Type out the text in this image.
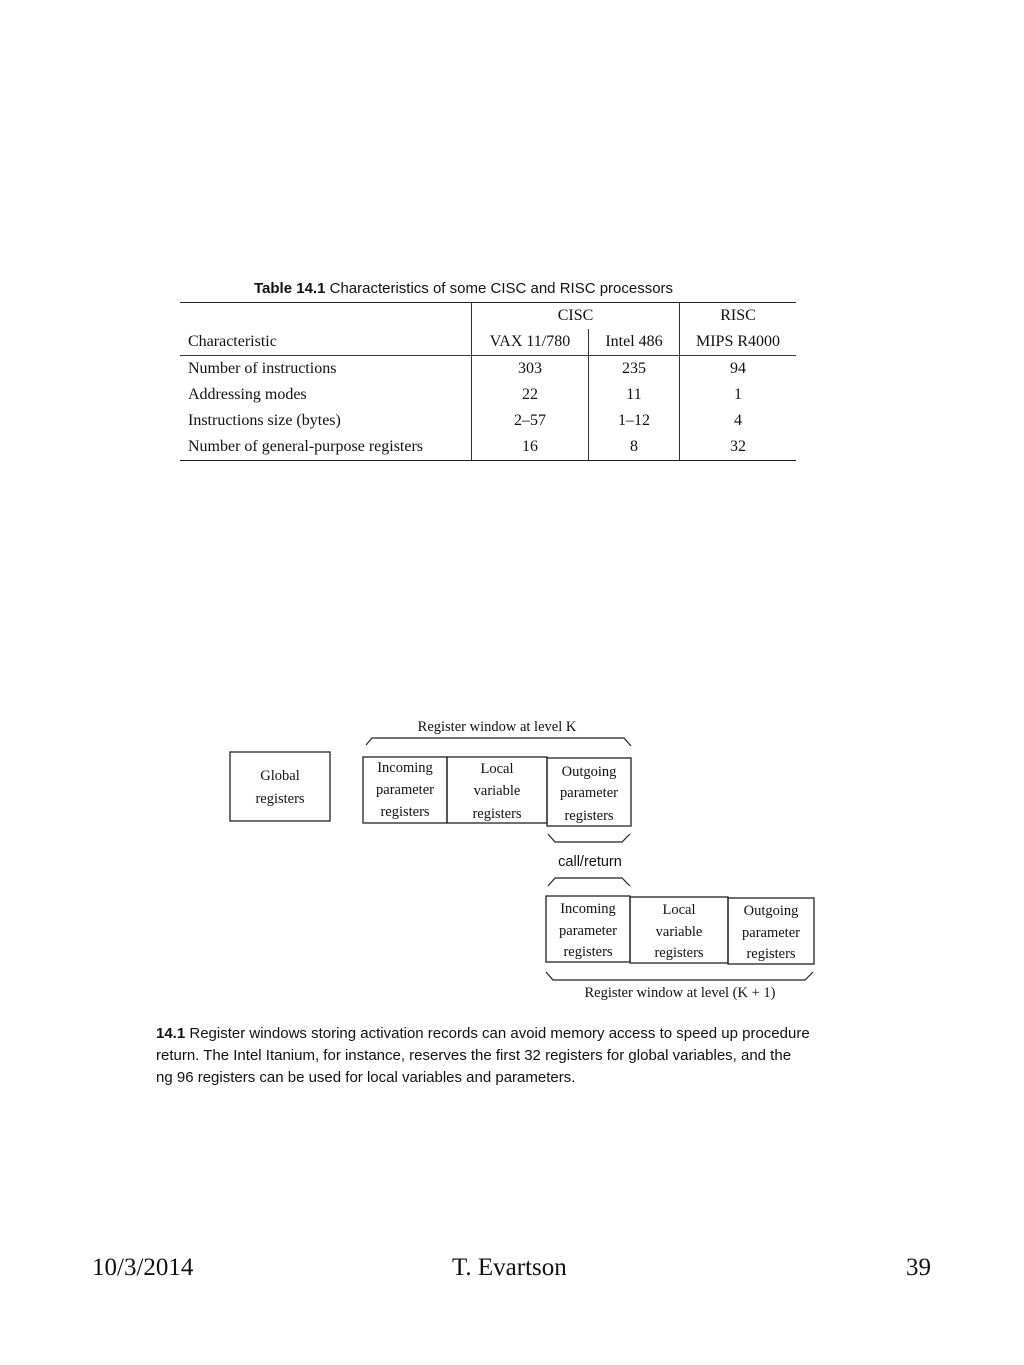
Table 14.1 Characteristics of some CISC and RISC processors
	CISC		RISC
Characteristic	VAX 11/780	Intel 486	MIPS R4000
Number of instructions	303	235	94
Addressing modes	22	11	1
Instructions size (bytes)	2–57	1–12	4
Number of general-purpose registers	16	8	32
Register window at level K
Global
registers
Incoming
parameter
registers
Local
variable
registers
Outgoing
parameter
registers
call/return
Incoming
parameter
registers
Local
variable
registers
Outgoing
parameter
registers
Register window at level (K + 1)
14.1 Register windows storing activation records can avoid memory access to speed up procedure
return. The Intel Itanium, for instance, reserves the first 32 registers for global variables, and the
ng 96 registers can be used for local variables and parameters.
10/3/2014	T. Evartson	39
